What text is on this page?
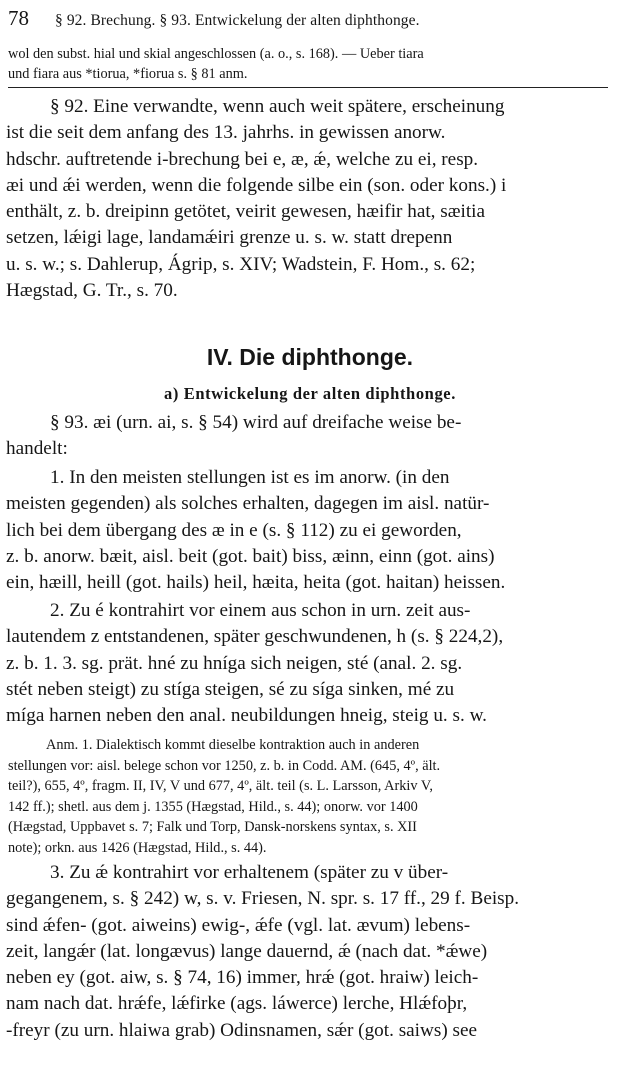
78 § 92. Brechung. § 93. Entwickelung der alten diphthonge.
wol den subst. hial und skial angeschlossen (a. o., s. 168). — Ueber tiara
und fiara aus *tiorua, *fiorua s. § 81 anm.
§ 92. Eine verwandte, wenn auch weit spätere, erscheinung
ist die seit dem anfang des 13. jahrhs. in gewissen anorw.
hdschr. auftretende i-brechung bei e, æ, ǽ, welche zu ei, resp.
æi und ǽi werden, wenn die folgende silbe ein (son. oder kons.) i
enthält, z. b. dreipinn getötet, veirit gewesen, hæifir hat, sæitia
setzen, lǽigi lage, landamǽiri grenze u. s. w. statt drepenn
u. s. w.; s. Dahlerup, Ágrip, s. XIV; Wadstein, F. Hom., s. 62;
Hægstad, G. Tr., s. 70.
IV. Die diphthonge.
a) Entwickelung der alten diphthonge.
§ 93. æi (urn. ai, s. § 54) wird auf dreifache weise be-
handelt:
1. In den meisten stellungen ist es im anorw. (in den
meisten gegenden) als solches erhalten, dagegen im aisl. natür-
lich bei dem übergang des æ in e (s. § 112) zu ei geworden,
z. b. anorw. bæit, aisl. beit (got. bait) biss, æinn, einn (got. ains)
ein, hæill, heill (got. hails) heil, hæita, heita (got. haitan) heissen.
2. Zu é kontrahirt vor einem aus schon in urn. zeit aus-
lautendem z entstandenen, später geschwundenen, h (s. § 224,2),
z. b. 1. 3. sg. prät. hné zu hníga sich neigen, sté (anal. 2. sg.
stét neben steigt) zu stíga steigen, sé zu síga sinken, mé zu
míga harnen neben den anal. neubildungen hneig, steig u. s. w.
Anm. 1. Dialektisch kommt dieselbe kontraktion auch in anderen
stellungen vor: aisl. belege schon vor 1250, z. b. in Codd. AM. (645, 4º, ält.
teil?), 655, 4º, fragm. II, IV, V und 677, 4º, ält. teil (s. L. Larsson, Arkiv V,
142 ff.); shetl. aus dem j. 1355 (Hægstad, Hild., s. 44); onorw. vor 1400
(Hægstad, Uppbavet s. 7; Falk und Torp, Dansk-norskens syntax, s. XII
note); orkn. aus 1426 (Hægstad, Hild., s. 44).
3. Zu ǽ kontrahirt vor erhaltenem (später zu v über-
gegangenem, s. § 242) w, s. v. Friesen, N. spr. s. 17 ff., 29 f. Beisp.
sind ǽfen- (got. aiweins) ewig-, ǽfe (vgl. lat. ævum) lebens-
zeit, langǽr (lat. longævus) lange dauernd, ǽ (nach dat. *ǽwe)
neben ey (got. aiw, s. § 74, 16) immer, hrǽ (got. hraiw) leich-
nam nach dat. hrǽfe, lǽfirke (ags. láwerce) lerche, Hlǽfoþr,
-freyr (zu urn. hlaiwa grab) Odinsnamen, sǽr (got. saiws) see
